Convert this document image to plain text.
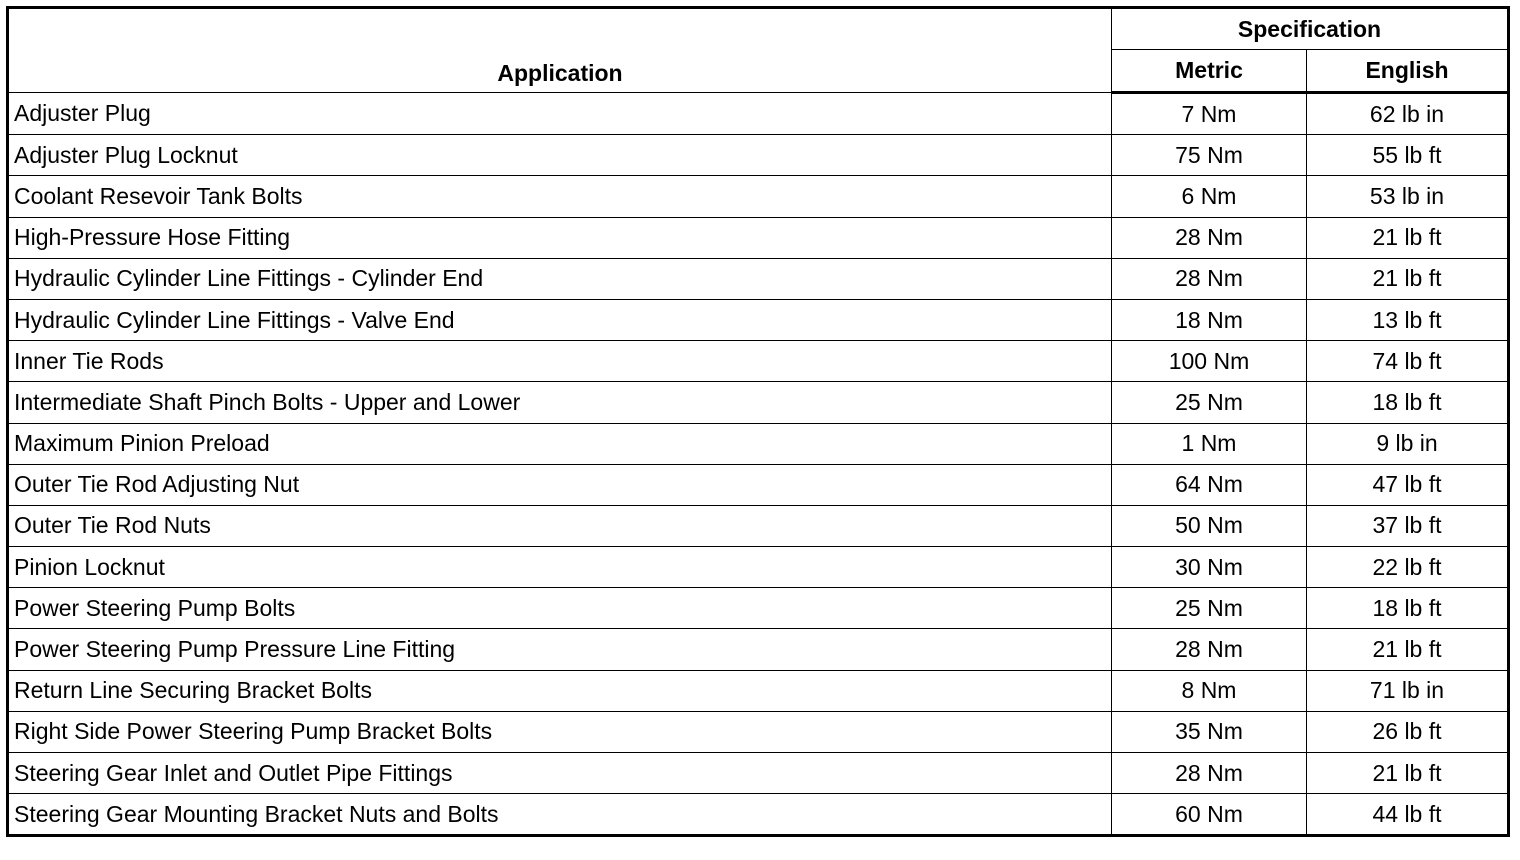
Application	Specification	
	Metric	English
Adjuster Plug	7 Nm	62 lb in
Adjuster Plug Locknut	75 Nm	55 lb ft
Coolant Resevoir Tank Bolts	6 Nm	53 lb in
High-Pressure Hose Fitting	28 Nm	21 lb ft
Hydraulic Cylinder Line Fittings - Cylinder End	28 Nm	21 lb ft
Hydraulic Cylinder Line Fittings - Valve End	18 Nm	13 lb ft
Inner Tie Rods	100 Nm	74 lb ft
Intermediate Shaft Pinch Bolts - Upper and Lower	25 Nm	18 lb ft
Maximum Pinion Preload	1 Nm	9 lb in
Outer Tie Rod Adjusting Nut	64 Nm	47 lb ft
Outer Tie Rod Nuts	50 Nm	37 lb ft
Pinion Locknut	30 Nm	22 lb ft
Power Steering Pump Bolts	25 Nm	18 lb ft
Power Steering Pump Pressure Line Fitting	28 Nm	21 lb ft
Return Line Securing Bracket Bolts	8 Nm	71 lb in
Right Side Power Steering Pump Bracket Bolts	35 Nm	26 lb ft
Steering Gear Inlet and Outlet Pipe Fittings	28 Nm	21 lb ft
Steering Gear Mounting Bracket Nuts and Bolts	60 Nm	44 lb ft
